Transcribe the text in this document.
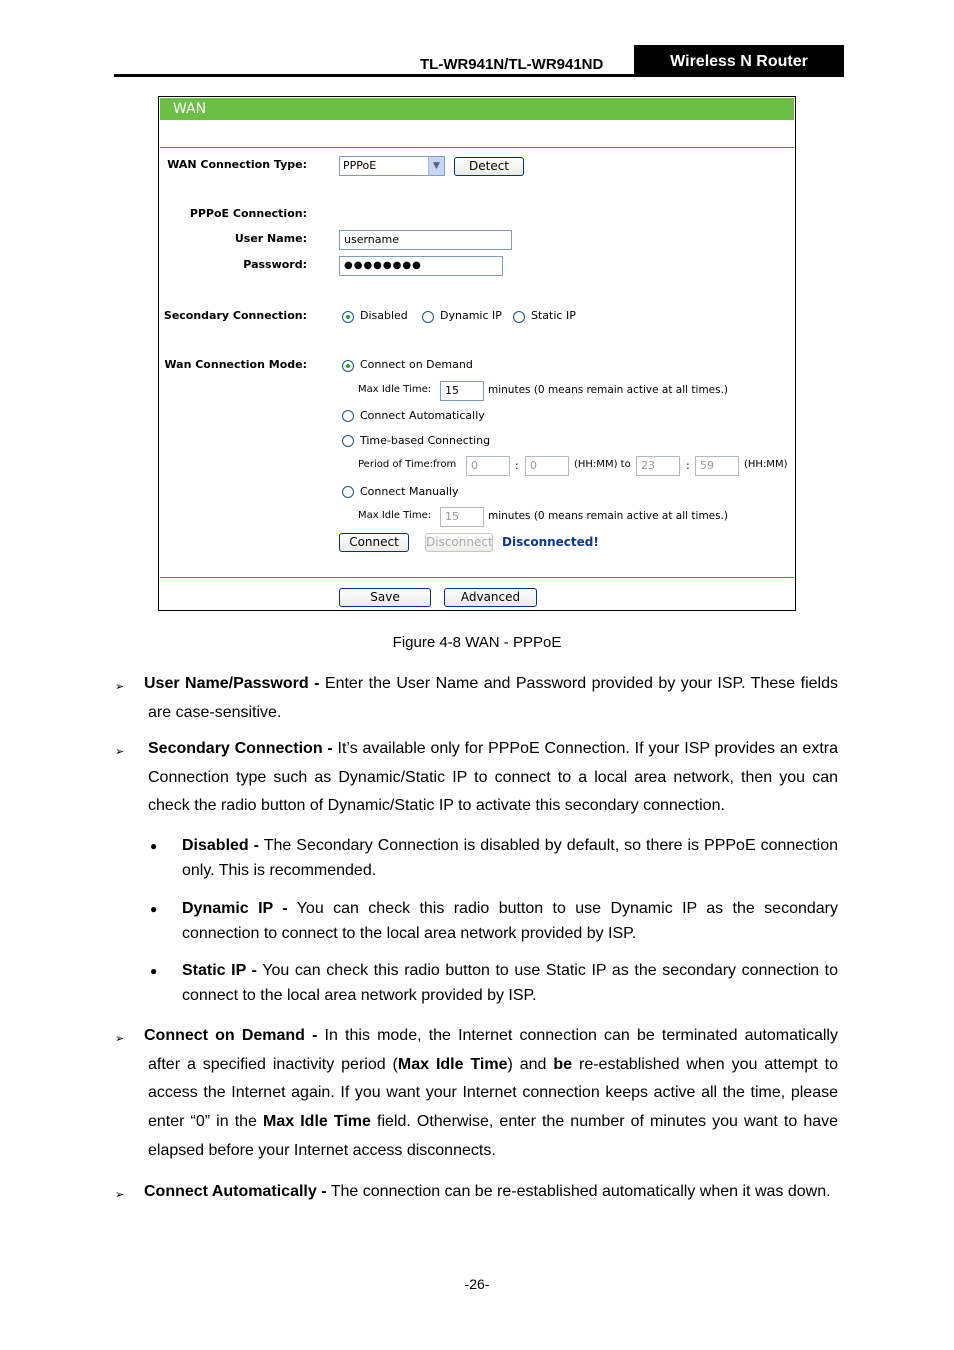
TL-WR941N/TL-WR941ND	Wireless N Router
WAN
WAN Connection Type:	PPPoE	▼	Detect
PPPoE Connection:
User Name:	username
Password:	●●●●●●●●
Secondary Connection:	Disabled	Dynamic IP	Static IP
Wan Connection Mode:	Connect on Demand
Max Idle Time:	15	minutes (0 means remain active at all times.)
Connect Automatically
Time-based Connecting
Period of Time:from	0	:	0	(HH:MM) to 23	: 59	(HH:MM)
Connect Manually
Max Idle Time:	15	minutes (0 means remain active at all times.)
Connect	Disconnect Disconnected!
Save	Advanced
Figure 4-8 WAN - PPPoE
➢ User Name/Password - Enter the User Name and Password provided by your ISP. These fields are case-sensitive.
➢ Secondary Connection - It’s available only for PPPoE Connection. If your ISP provides an extra Connection type such as Dynamic/Static IP to connect to a local area network, then you can check the radio button of Dynamic/Static IP to activate this secondary connection.
● Disabled - The Secondary Connection is disabled by default, so there is PPPoE connection only. This is recommended.
● Dynamic IP - You can check this radio button to use Dynamic IP as the secondary connection to connect to the local area network provided by ISP.
● Static IP - You can check this radio button to use Static IP as the secondary connection to connect to the local area network provided by ISP.
➢ Connect on Demand - In this mode, the Internet connection can be terminated automatically after a specified inactivity period (Max Idle Time) and be re-established when you attempt to access the Internet again. If you want your Internet connection keeps active all the time, please enter “0” in the Max Idle Time field. Otherwise, enter the number of minutes you want to have elapsed before your Internet access disconnects.
➢ Connect Automatically - The connection can be re-established automatically when it was down.
-26-
